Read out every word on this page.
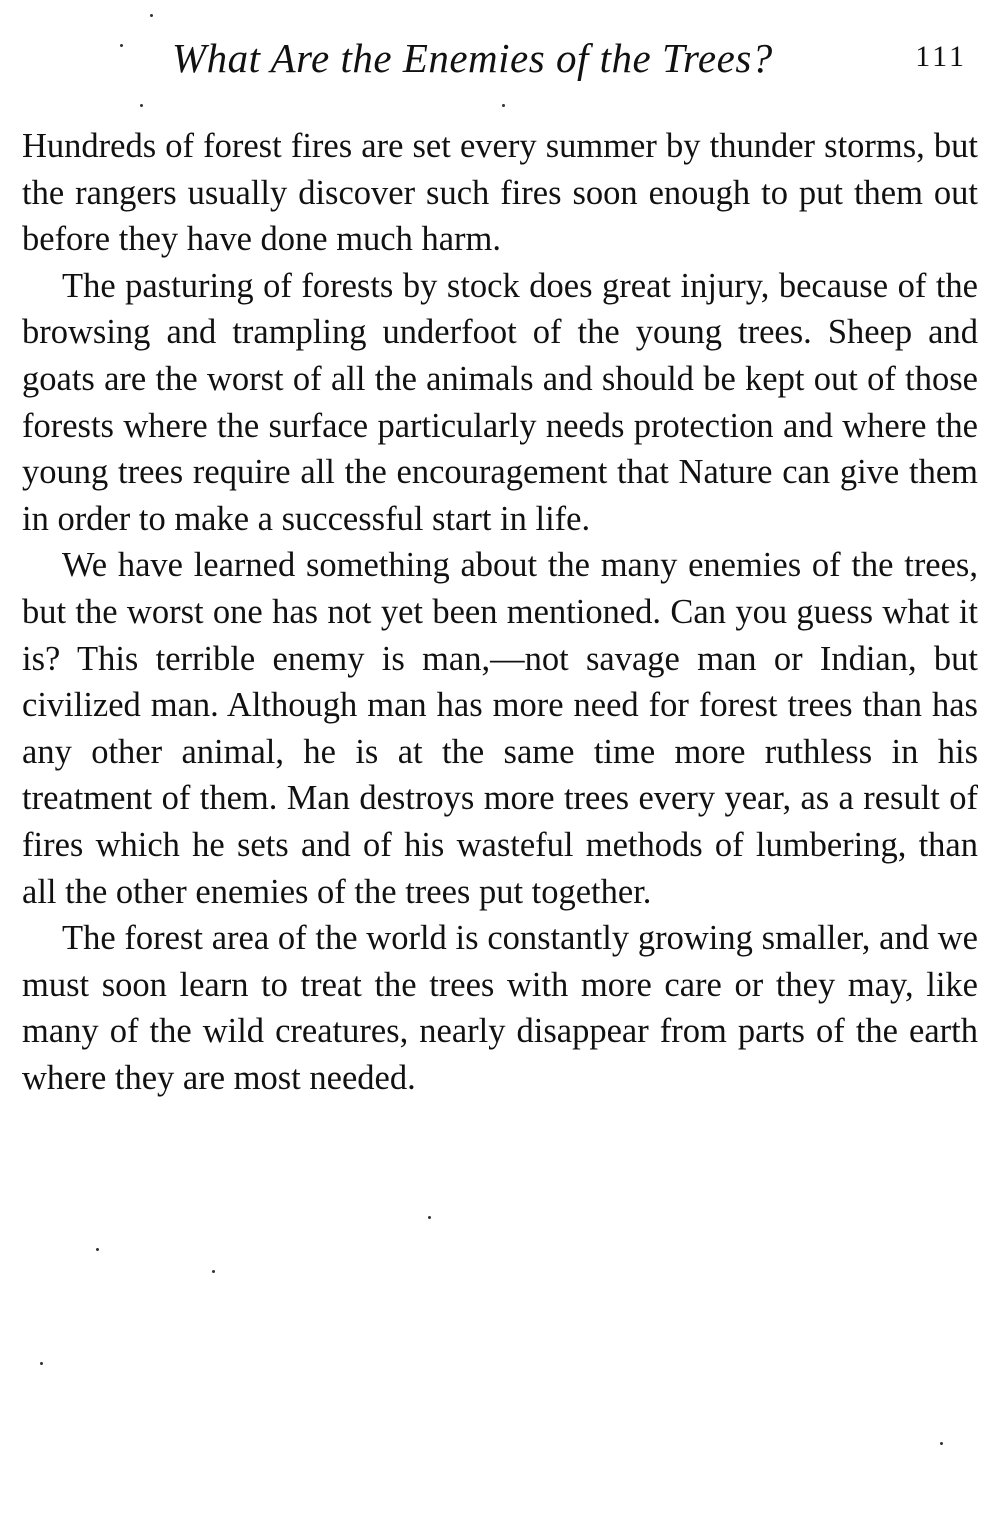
What Are the Enemies of the Trees?	111

Hundreds of forest fires are set every summer by thunder storms, but the rangers usually discover such fires soon enough to put them out before they have done much harm.

The pasturing of forests by stock does great injury, because of the browsing and trampling underfoot of the young trees. Sheep and goats are the worst of all the animals and should be kept out of those forests where the surface particularly needs protection and where the young trees require all the encouragement that Nature can give them in order to make a successful start in life.

We have learned something about the many enemies of the trees, but the worst one has not yet been mentioned. Can you guess what it is? This terrible enemy is man,—not savage man or Indian, but civilized man. Although man has more need for forest trees than has any other animal, he is at the same time more ruthless in his treatment of them. Man destroys more trees every year, as a result of fires which he sets and of his wasteful methods of lumbering, than all the other enemies of the trees put together.

The forest area of the world is constantly growing smaller, and we must soon learn to treat the trees with more care or they may, like many of the wild creatures, nearly disappear from parts of the earth where they are most needed.
